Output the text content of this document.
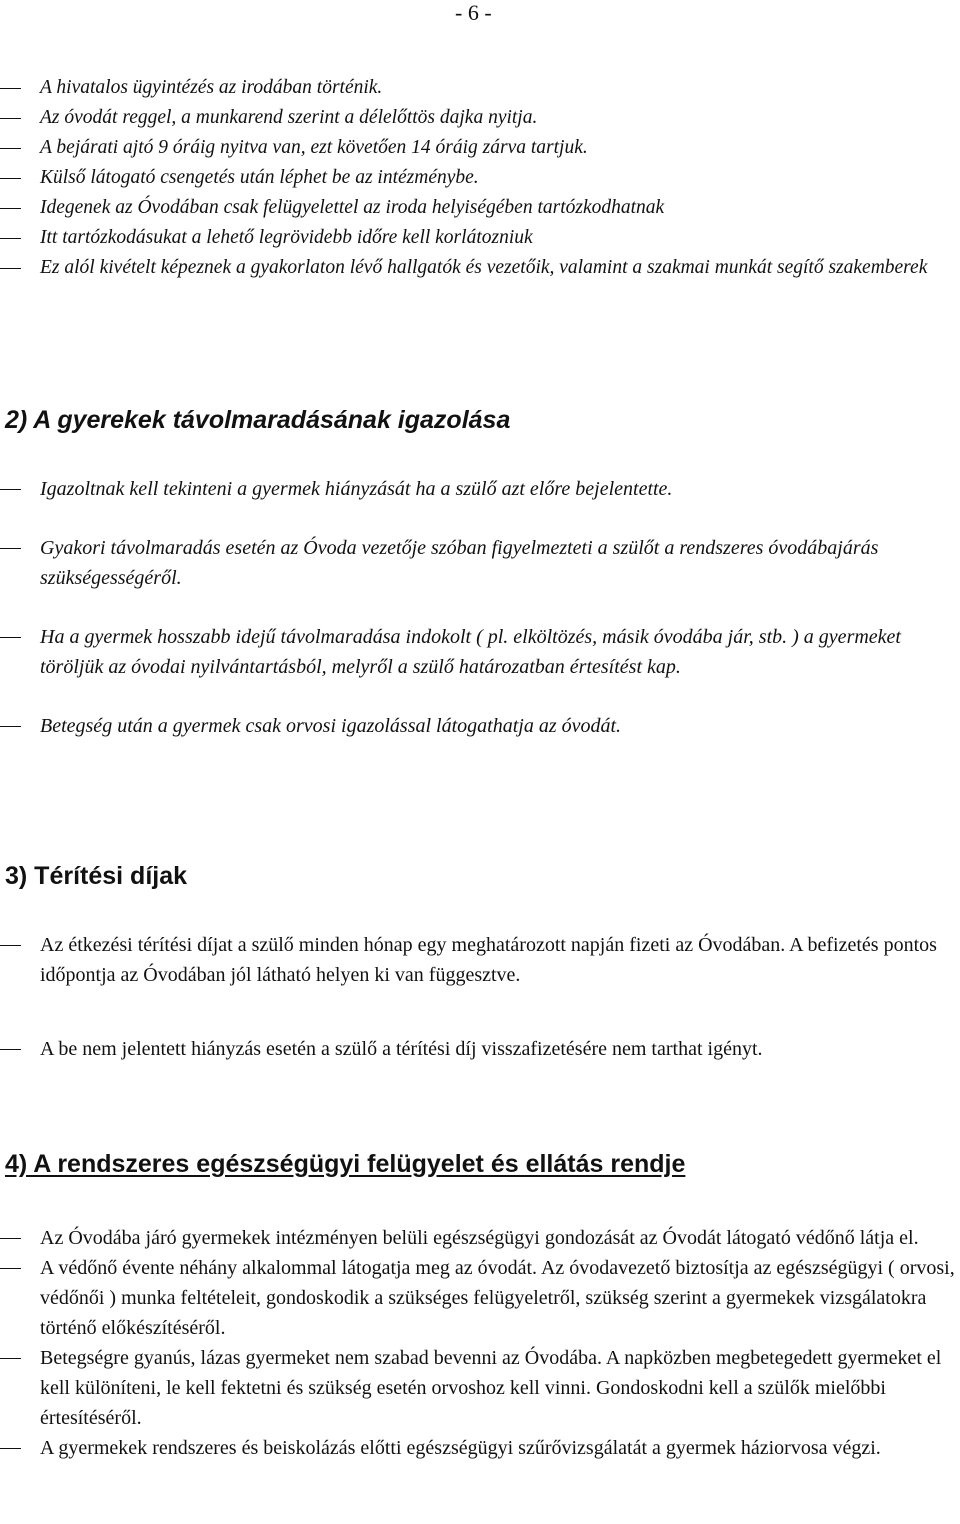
- 6 -

A hivatalos ügyintézés az irodában történik.

Az óvodát reggel, a munkarend szerint a délelőttös dajka nyitja.

A bejárati ajtó 9 óráig nyitva van, ezt követően 14 óráig zárva tartjuk.

Külső látogató csengetés után léphet be az intézménybe.

Idegenek az Óvodában csak felügyelettel az iroda helyiségében tartózkodhatnak

Itt tartózkodásukat a lehető legrövidebb időre kell korlátozniuk

Ez alól kivételt képeznek a gyakorlaton lévő hallgatók és vezetőik, valamint a szakmai munkát segítő szakemberek

2) A gyerekek távolmaradásának igazolása

Igazoltnak kell tekinteni a gyermek hiányzását ha a szülő azt előre bejelentette.

Gyakori távolmaradás esetén az Óvoda vezetője szóban figyelmezteti a szülőt a rendszeres óvodábajárás szükségességéről.

Ha a gyermek hosszabb idejű távolmaradása indokolt ( pl. elköltözés, másik óvodába jár, stb. ) a gyermeket töröljük az óvodai nyilvántartásból, melyről a szülő határozatban értesítést kap.

Betegség után a gyermek csak orvosi igazolással látogathatja az óvodát.

3) Térítési díjak

Az étkezési térítési díjat a szülő minden hónap egy meghatározott napján fizeti az Óvodában. A befizetés pontos időpontja az Óvodában jól látható helyen ki van függesztve.

A be nem jelentett hiányzás esetén a szülő a térítési díj visszafizetésére nem tarthat igényt.

4) A rendszeres egészségügyi felügyelet és ellátás rendje

Az Óvodába járó gyermekek intézményen belüli egészségügyi gondozását az Óvodát látogató védőnő látja el.

A védőnő évente néhány alkalommal látogatja meg az óvodát. Az óvodavezető biztosítja az egészségügyi ( orvosi, védőnői ) munka feltételeit, gondoskodik a szükséges felügyeletről, szükség szerint a gyermekek vizsgálatokra történő előkészítéséről.

Betegségre gyanús, lázas gyermeket nem szabad bevenni az Óvodába. A napközben megbetegedett gyermeket el kell különíteni, le kell fektetni és szükség esetén orvoshoz kell vinni. Gondoskodni kell a szülők mielőbbi értesítéséről.

A gyermekek rendszeres és beiskolázás előtti egészségügyi szűrővizsgálatát a gyermek háziorvosa végzi.
